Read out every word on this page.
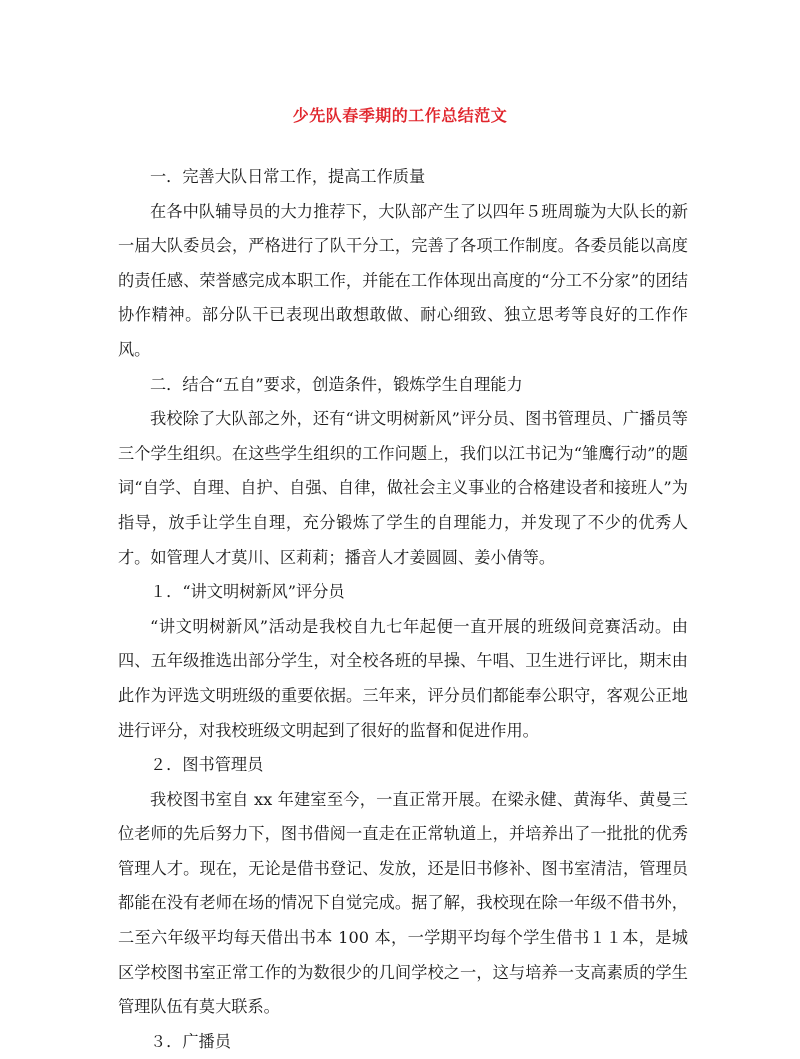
少先队春季期的工作总结范文

一．完善大队日常工作，提高工作质量

在各中队辅导员的大力推荐下，大队部产生了以四年５班周璇为大队长的新一届大队委员会，严格进行了队干分工，完善了各项工作制度。各委员能以高度的责任感、荣誉感完成本职工作，并能在工作体现出高度的“分工不分家”的团结协作精神。部分队干已表现出敢想敢做、耐心细致、独立思考等良好的工作作风。

二．结合“五自”要求，创造条件，锻炼学生自理能力

我校除了大队部之外，还有“讲文明树新风”评分员、图书管理员、广播员等三个学生组织。在这些学生组织的工作问题上，我们以江书记为“雏鹰行动”的题词“自学、自理、自护、自强、自律，做社会主义事业的合格建设者和接班人”为指导，放手让学生自理，充分锻炼了学生的自理能力，并发现了不少的优秀人才。如管理人才莫川、区莉莉；播音人才姜圆圆、姜小倩等。

１．“讲文明树新风”评分员

“讲文明树新风”活动是我校自九七年起便一直开展的班级间竞赛活动。由四、五年级推选出部分学生，对全校各班的早操、午唱、卫生进行评比，期末由此作为评选文明班级的重要依据。三年来，评分员们都能奉公职守，客观公正地进行评分，对我校班级文明起到了很好的监督和促进作用。

２．图书管理员

我校图书室自 xx 年建室至今，一直正常开展。在梁永健、黄海华、黄曼三位老师的先后努力下，图书借阅一直走在正常轨道上，并培养出了一批批的优秀管理人才。现在，无论是借书登记、发放，还是旧书修补、图书室清洁，管理员都能在没有老师在场的情况下自觉完成。据了解，我校现在除一年级不借书外，二至六年级平均每天借出书本 100 本，一学期平均每个学生借书１１本，是城区学校图书室正常工作的为数很少的几间学校之一，这与培养一支高素质的学生管理队伍有莫大联系。

３．广播员
